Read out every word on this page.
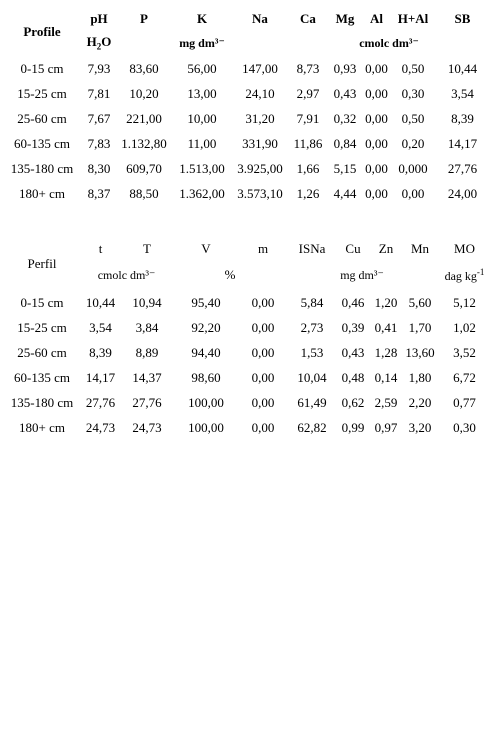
Profile	pH	P	K	Na	Ca	Mg	Al	H+Al	SB
	$H_2O$	mg dm³⁻			cmolc dm³⁻				
0-15 cm	7,93	83,60	56,00	147,00	8,73	0,93	0,00	0,50	10,44
15-25 cm	7,81	10,20	13,00	24,10	2,97	0,43	0,00	0,30	3,54
25-60 cm	7,67	221,00	10,00	31,20	7,91	0,32	0,00	0,50	8,39
60-135 cm	7,83	1.132,80	11,00	331,90	11,86	0,84	0,00	0,20	14,17
135-180 cm	8,30	609,70	1.513,00	3.925,00	1,66	5,15	0,00	0,000	27,76
180+ cm	8,37	88,50	1.362,00	3.573,10	1,26	4,44	0,00	0,00	24,00
Perfil	t	T	V	m	ISNa	Cu	Zn	Mn	MO
	cmolc dm³⁻		%		mg dm³⁻				dag $kg^{-1}$
0-15 cm	10,44	10,94	95,40	0,00	5,84	0,46	1,20	5,60	5,12
15-25 cm	3,54	3,84	92,20	0,00	2,73	0,39	0,41	1,70	1,02
25-60 cm	8,39	8,89	94,40	0,00	1,53	0,43	1,28	13,60	3,52
60-135 cm	14,17	14,37	98,60	0,00	10,04	0,48	0,14	1,80	6,72
135-180 cm	27,76	27,76	100,00	0,00	61,49	0,62	2,59	2,20	0,77
180+ cm	24,73	24,73	100,00	0,00	62,82	0,99	0,97	3,20	0,30
